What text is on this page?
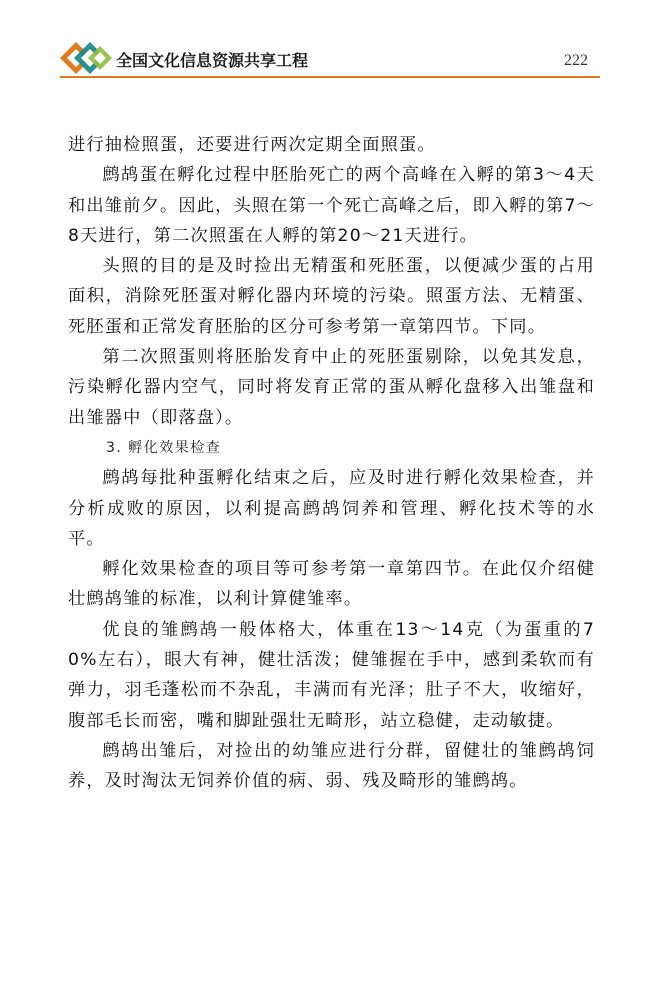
全国文化信息资源共享工程	222

进行抽检照蛋，还要进行两次定期全面照蛋。

鹧鸪蛋在孵化过程中胚胎死亡的两个高峰在入孵的第3～4天和出雏前夕。因此，头照在第一个死亡高峰之后，即入孵的第7～8天进行，第二次照蛋在人孵的第20～21天进行。

头照的目的是及时捡出无精蛋和死胚蛋，以便减少蛋的占用面积，消除死胚蛋对孵化器内环境的污染。照蛋方法、无精蛋、死胚蛋和正常发育胚胎的区分可参考第一章第四节。下同。

第二次照蛋则将胚胎发育中止的死胚蛋剔除，以免其发息，污染孵化器内空气，同时将发育正常的蛋从孵化盘移入出雏盘和出雏器中（即落盘）。

3. 孵化效果检查

鹧鸪每批种蛋孵化结束之后，应及时进行孵化效果检查，并分析成败的原因，以利提高鹧鸪饲养和管理、孵化技术等的水平。

孵化效果检查的项目等可参考第一章第四节。在此仅介绍健壮鹧鸪雏的标准，以利计算健雏率。

优良的雏鹧鸪一般体格大，体重在13～14克（为蛋重的70%左右），眼大有神，健壮活泼；健雏握在手中，感到柔软而有弹力，羽毛蓬松而不杂乱，丰满而有光泽；肚子不大，收缩好，腹部毛长而密，嘴和脚趾强壮无畸形，站立稳健，走动敏捷。

鹧鸪出雏后，对捡出的幼雏应进行分群，留健壮的雏鹧鸪饲养，及时淘汰无饲养价值的病、弱、残及畸形的雏鹧鸪。
